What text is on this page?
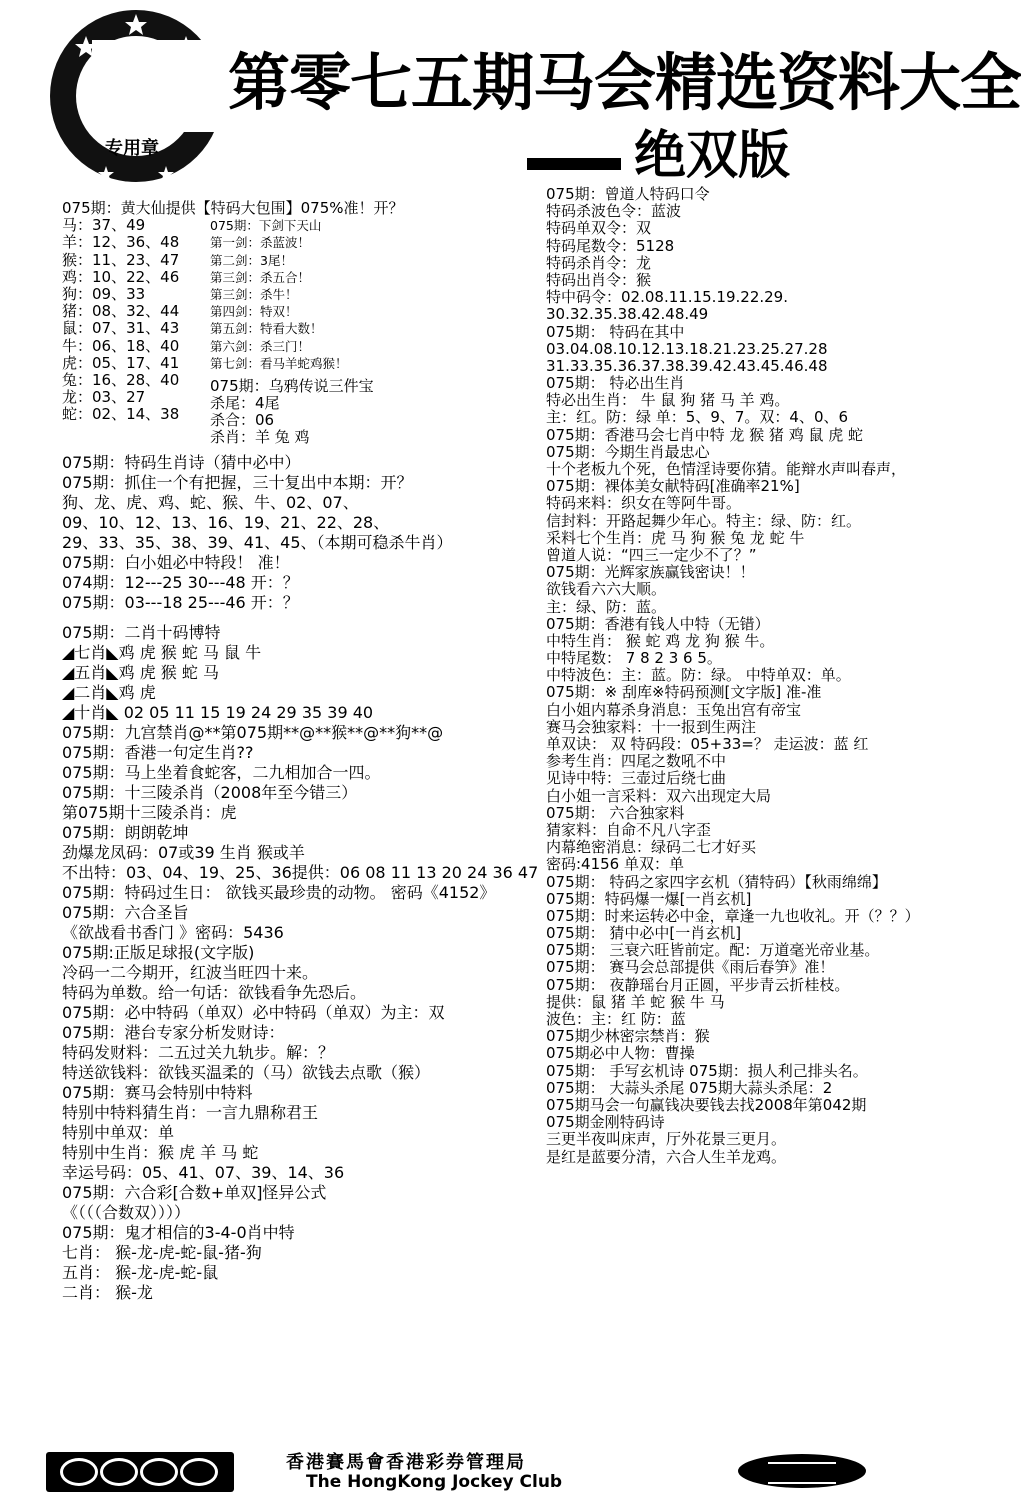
专用章
第零七五期马会精选资料大全
绝双版
075期：黄大仙提供【特码大包围】075%准！开？
马：37、49
羊：12、36、48
猴：11、23、47
鸡：10、22、46
狗：09、33
猪：08、32、44
鼠：07、31、43
牛：06、18、40
虎：05、17、41
兔：16、28、40
龙：03、27
蛇：02、14、38
075期：下剑下天山
第一剑：杀蓝波！
第二剑：3尾！
第三剑：杀五合！
第三剑：杀牛！
第四剑：特双！
第五剑：特看大数！
第六剑：杀三门！
第七剑：看马羊蛇鸡猴！
075期：乌鸦传说三件宝
杀尾：4尾
杀合：06
杀肖：羊 兔 鸡
075期：特码生肖诗（猜中必中）
075期：抓住一个有把握，三十复出中本期：开？
狗、龙、虎、鸡、蛇、猴、牛、02、07、
09、10、12、13、16、19、21、22、28、
29、33、35、38、39、41、45、（本期可稳杀牛肖）
075期：白小姐必中特段！ 准！
074期：12---25 30---48 开：？
075期：03---18 25---46 开：？
075期：二肖十码博特
◢七肖◣鸡 虎 猴 蛇 马 鼠 牛
◢五肖◣鸡 虎 猴 蛇 马
◢二肖◣鸡 虎
◢十肖◣ 02 05 11 15 19 24 29 35 39 40
075期：九宫禁肖@**第075期**@**猴**@**狗**@
075期：香港一句定生肖??
075期：马上坐着食蛇客，二九相加合一四。
075期：十三陵杀肖（2008年至今错三）
第075期十三陵杀肖：虎
075期：朗朗乾坤
劲爆龙凤码：07或39 生肖 猴或羊
不出特：03、04、19、25、36提供：06 08 11 13 20 24 36 47
075期：特码过生日： 欲钱买最珍贵的动物。 密码《4152》
075期：六合圣旨
《欲战看书香门 》密码：5436
075期:正版足球报(文字版)
冷码一二今期开，红波当旺四十来。
特码为单数。给一句话：欲钱看争先恐后。
075期：必中特码（单双）必中特码（单双）为主：双
075期：港台专家分析发财诗：
特码发财料：二五过关九轨步。解：？
特送欲钱料：欲钱买温柔的（马）欲钱去点歌（猴）
075期：赛马会特别中特料
特别中特料猜生肖：一言九鼎称君王
特别中单双：单
特别中生肖：猴 虎 羊 马 蛇
幸运号码：05、41、07、39、14、36
075期：六合彩[合数+单双]怪异公式
《（（（合数双））））
075期：鬼才相信的3-4-0肖中特
七肖： 猴-龙-虎-蛇-鼠-猪-狗
五肖： 猴-龙-虎-蛇-鼠
二肖： 猴-龙
075期：曾道人特码口令
特码杀波色令：蓝波
特码单双令：双
特码尾数令：5128
特码杀肖令：龙
特码出肖令：猴
特中码令：02.08.11.15.19.22.29.
30.32.35.38.42.48.49
075期： 特码在其中
03.04.08.10.12.13.18.21.23.25.27.28
31.33.35.36.37.38.39.42.43.45.46.48
075期： 特必出生肖
特必出生肖： 牛 鼠 狗 猪 马 羊 鸡。
主：红。防：绿 单：5、9、7。双：4、0、6
075期：香港马会七肖中特 龙 猴 猪 鸡 鼠 虎 蛇
075期：今期生肖最忠心
十个老板九个死，色情淫诗要你猜。能辩水声叫春声，
075期：裸体美女献特码[准确率21%]
特码来料：织女在等阿牛哥。
信封料：开路起舞少年心。特主：绿、防：红。
采料七个生肖：虎 马 狗 猴 兔 龙 蛇 牛
曾道人说：“四三一定少不了？”
075期：光辉家族赢钱密诀！！
欲钱看六六大顺。
主：绿、防：蓝。
075期：香港有钱人中特（无错）
中特生肖： 猴 蛇 鸡 龙 狗 猴 牛。
中特尾数： 7 8 2 3 6 5。
中特波色：主：蓝。防：绿。 中特单双：单。
075期：※ 刮库※特码预测[文字版] 准-准
白小姐内幕杀身消息：玉兔出宫有帝宝
赛马会独家料：十一报到生两注
单双诀： 双 特码段：05+33=？ 走运波：蓝 红
参考生肖：四尾之数吼不中
见诗中特：三壶过后绕七曲
白小姐一言采料：双六出现定大局
075期： 六合独家料
猜家料：自命不凡八字歪
内幕绝密消息：绿码二七才好买
密码:4156 单双：单
075期： 特码之家四字玄机（猜特码）【秋雨绵绵】
075期：特码爆一爆[一肖玄机]
075期：时来运转必中金，章逢一九也收礼。开（？？）
075期： 猜中必中[一肖玄机]
075期： 三衰六旺皆前定。配：万道毫光帝业基。
075期： 赛马会总部提供《雨后春笋》准！
075期： 夜静瑶台月正圆，平步青云折桂枝。
提供：鼠 猪 羊 蛇 猴 牛 马
波色：主：红 防：蓝
075期少林密宗禁肖：猴
075期必中人物：曹操
075期： 手写玄机诗 075期：损人利己排头名。
075期： 大蒜头杀尾 075期大蒜头杀尾：2
075期马会一句赢钱决要钱去找2008年第042期
075期金刚特码诗
三更半夜叫床声，厅外花景三更月。
是红是蓝要分清，六合人生羊龙鸡。
香港賽馬會香港彩券管理局
The HongKong Jockey Club
